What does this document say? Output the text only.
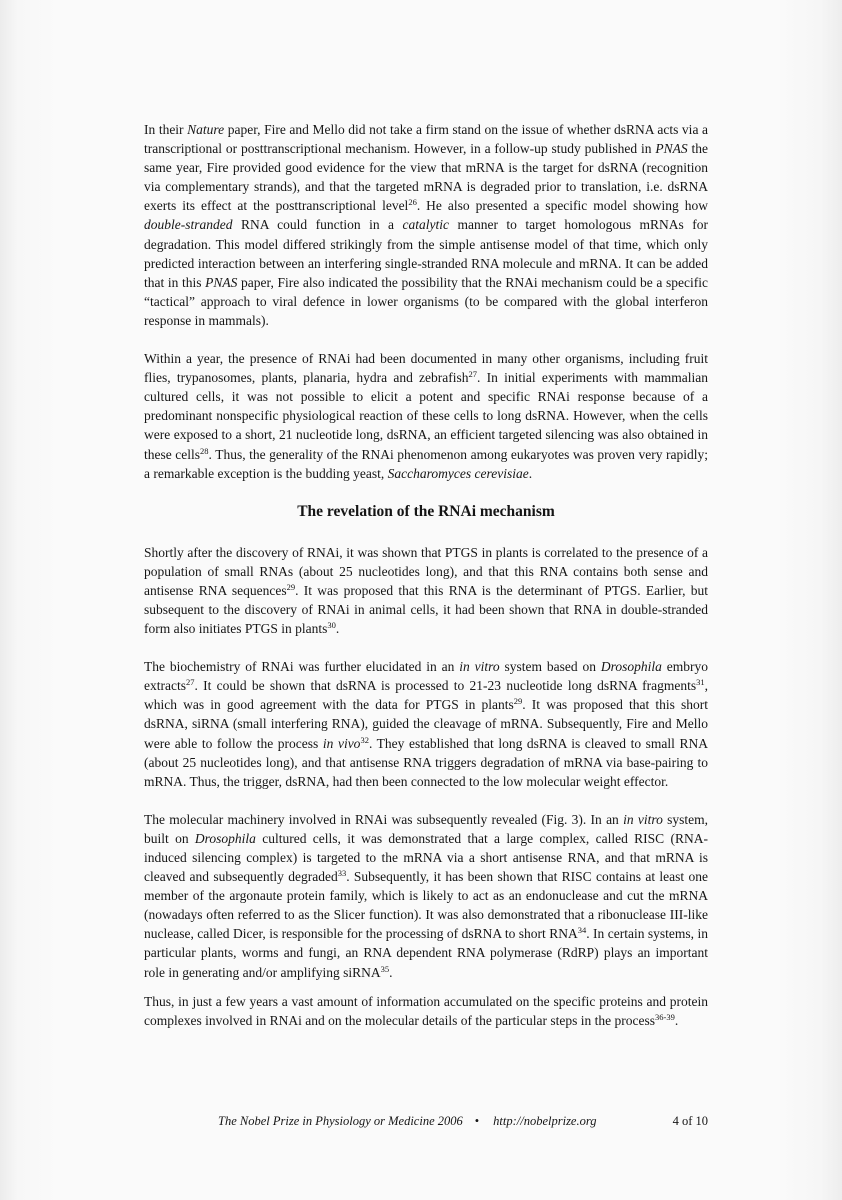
In their Nature paper, Fire and Mello did not take a firm stand on the issue of whether dsRNA acts via a transcriptional or posttranscriptional mechanism. However, in a follow-up study published in PNAS the same year, Fire provided good evidence for the view that mRNA is the target for dsRNA (recognition via complementary strands), and that the targeted mRNA is degraded prior to translation, i.e. dsRNA exerts its effect at the posttranscriptional level$^{26}$. He also presented a specific model showing how double-stranded RNA could function in a catalytic manner to target homologous mRNAs for degradation. This model differed strikingly from the simple antisense model of that time, which only predicted interaction between an interfering single-stranded RNA molecule and mRNA. It can be added that in this PNAS paper, Fire also indicated the possibility that the RNAi mechanism could be a specific “tactical” approach to viral defence in lower organisms (to be compared with the global interferon response in mammals).

Within a year, the presence of RNAi had been documented in many other organisms, including fruit flies, trypanosomes, plants, planaria, hydra and zebrafish$^{27}$. In initial experiments with mammalian cultured cells, it was not possible to elicit a potent and specific RNAi response because of a predominant nonspecific physiological reaction of these cells to long dsRNA. However, when the cells were exposed to a short, 21 nucleotide long, dsRNA, an efficient targeted silencing was also obtained in these cells$^{28}$. Thus, the generality of the RNAi phenomenon among eukaryotes was proven very rapidly; a remarkable exception is the budding yeast, Saccharomyces cerevisiae.

The revelation of the RNAi mechanism

Shortly after the discovery of RNAi, it was shown that PTGS in plants is correlated to the presence of a population of small RNAs (about 25 nucleotides long), and that this RNA contains both sense and antisense RNA sequences$^{29}$. It was proposed that this RNA is the determinant of PTGS. Earlier, but subsequent to the discovery of RNAi in animal cells, it had been shown that RNA in double-stranded form also initiates PTGS in plants$^{30}$.

The biochemistry of RNAi was further elucidated in an in vitro system based on Drosophila embryo extracts$^{27}$. It could be shown that dsRNA is processed to 21-23 nucleotide long dsRNA fragments$^{31}$, which was in good agreement with the data for PTGS in plants$^{29}$. It was proposed that this short dsRNA, siRNA (small interfering RNA), guided the cleavage of mRNA. Subsequently, Fire and Mello were able to follow the process in vivo$^{32}$. They established that long dsRNA is cleaved to small RNA (about 25 nucleotides long), and that antisense RNA triggers degradation of mRNA via base-pairing to mRNA. Thus, the trigger, dsRNA, had then been connected to the low molecular weight effector.

The molecular machinery involved in RNAi was subsequently revealed (Fig. 3). In an in vitro system, built on Drosophila cultured cells, it was demonstrated that a large complex, called RISC (RNA-induced silencing complex) is targeted to the mRNA via a short antisense RNA, and that mRNA is cleaved and subsequently degraded$^{33}$. Subsequently, it has been shown that RISC contains at least one member of the argonaute protein family, which is likely to act as an endonuclease and cut the mRNA (nowadays often referred to as the Slicer function). It was also demonstrated that a ribonuclease III-like nuclease, called Dicer, is responsible for the processing of dsRNA to short RNA$^{34}$. In certain systems, in particular plants, worms and fungi, an RNA dependent RNA polymerase (RdRP) plays an important role in generating and/or amplifying siRNA$^{35}$.

Thus, in just a few years a vast amount of information accumulated on the specific proteins and protein complexes involved in RNAi and on the molecular details of the particular steps in the process$^{36-39}$.

The Nobel Prize in Physiology or Medicine 2006 • http://nobelprize.org	4 of 10
